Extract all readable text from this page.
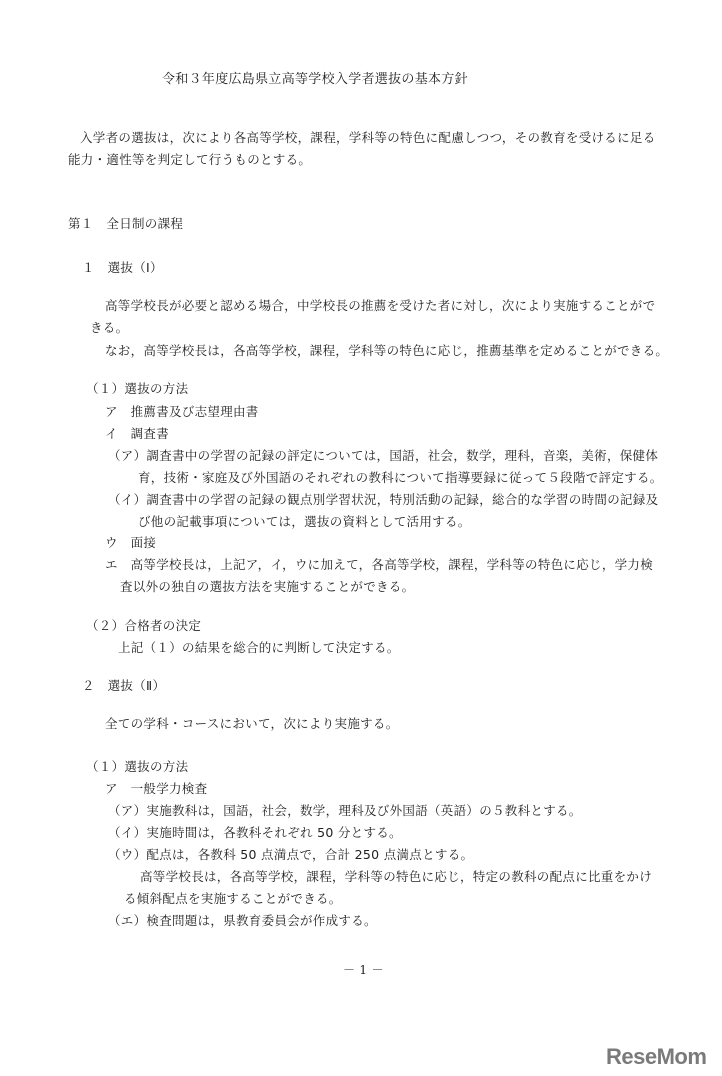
令和３年度広島県立高等学校入学者選抜の基本方針
入学者の選抜は，次により各高等学校，課程，学科等の特色に配慮しつつ，その教育を受けるに足る
能力・適性等を判定して行うものとする。
第１　全日制の課程
１　選抜（Ⅰ）
高等学校長が必要と認める場合，中学校長の推薦を受けた者に対し，次により実施することがで
きる。
なお，高等学校長は，各高等学校，課程，学科等の特色に応じ，推薦基準を定めることができる。
（１）選抜の方法
ア　推薦書及び志望理由書
イ　調査書
（ア）調査書中の学習の記録の評定については，国語，社会，数学，理科，音楽，美術，保健体
育，技術・家庭及び外国語のそれぞれの教科について指導要録に従って５段階で評定する。
（イ）調査書中の学習の記録の観点別学習状況，特別活動の記録，総合的な学習の時間の記録及
び他の記載事項については，選抜の資料として活用する。
ウ　面接
エ　高等学校長は，上記ア，イ，ウに加えて，各高等学校，課程，学科等の特色に応じ，学力検
査以外の独自の選抜方法を実施することができる。
（２）合格者の決定
上記（１）の結果を総合的に判断して決定する。
２　選抜（Ⅱ）
全ての学科・コースにおいて，次により実施する。
（１）選抜の方法
ア　一般学力検査
（ア）実施教科は，国語，社会，数学，理科及び外国語（英語）の５教科とする。
（イ）実施時間は，各教科それぞれ 50 分とする。
（ウ）配点は，各教科 50 点満点で，合計 250 点満点とする。
高等学校長は，各高等学校，課程，学科等の特色に応じ，特定の教科の配点に比重をかけ
る傾斜配点を実施することができる。
（エ）検査問題は，県教育委員会が作成する。
－ 1 －
ReseMom
